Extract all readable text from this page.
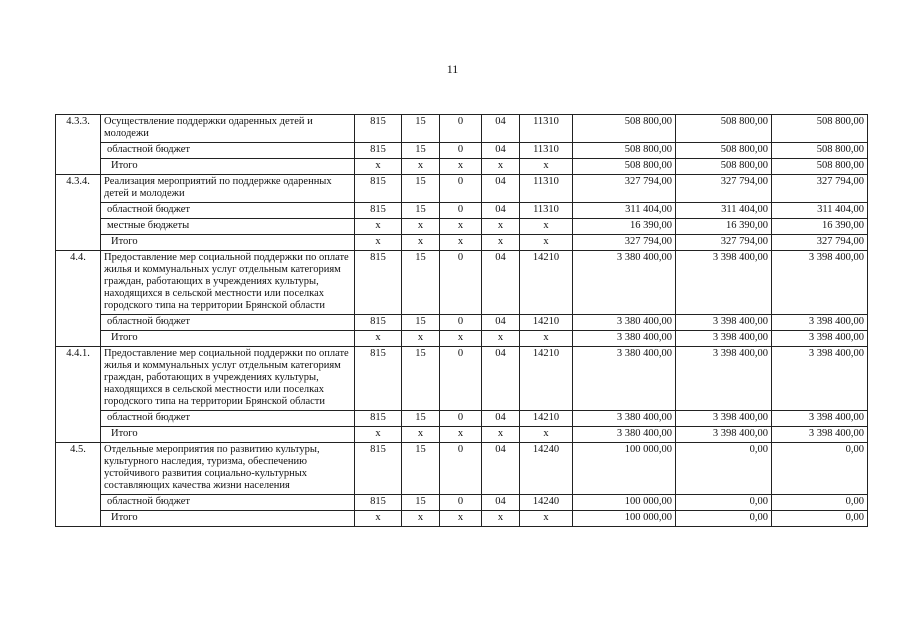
11
4.3.3.	Осуществление поддержки одаренных детей и молодежи	815	15	0	04	11310	508 800,00	508 800,00	508 800,00
	областной бюджет	815	15	0	04	11310	508 800,00	508 800,00	508 800,00
	Итого	x	x	x	x	x	508 800,00	508 800,00	508 800,00
4.3.4.	Реализация мероприятий по поддержке одаренных детей и молодежи	815	15	0	04	11310	327 794,00	327 794,00	327 794,00
	областной бюджет	815	15	0	04	11310	311 404,00	311 404,00	311 404,00
	местные бюджеты	x	x	x	x	x	16 390,00	16 390,00	16 390,00
	Итого	x	x	x	x	x	327 794,00	327 794,00	327 794,00
4.4.	Предоставление мер социальной поддержки по оплате жилья и коммунальных услуг отдельным категориям граждан, работающих в учреждениях культуры, находящихся в сельской местности или поселках городского типа на территории Брянской области	815	15	0	04	14210	3 380 400,00	3 398 400,00	3 398 400,00
	областной бюджет	815	15	0	04	14210	3 380 400,00	3 398 400,00	3 398 400,00
	Итого	x	x	x	x	x	3 380 400,00	3 398 400,00	3 398 400,00
4.4.1.	Предоставление мер социальной поддержки по оплате жилья и коммунальных услуг отдельным категориям граждан, работающих в учреждениях культуры, находящихся в сельской местности или поселках городского типа на территории Брянской области	815	15	0	04	14210	3 380 400,00	3 398 400,00	3 398 400,00
	областной бюджет	815	15	0	04	14210	3 380 400,00	3 398 400,00	3 398 400,00
	Итого	x	x	x	x	x	3 380 400,00	3 398 400,00	3 398 400,00
4.5.	Отдельные мероприятия по развитию культуры, культурного наследия, туризма, обеспечению устойчивого развития социально-культурных составляющих качества жизни населения	815	15	0	04	14240	100 000,00	0,00	0,00
	областной бюджет	815	15	0	04	14240	100 000,00	0,00	0,00
	Итого	x	x	x	x	x	100 000,00	0,00	0,00
